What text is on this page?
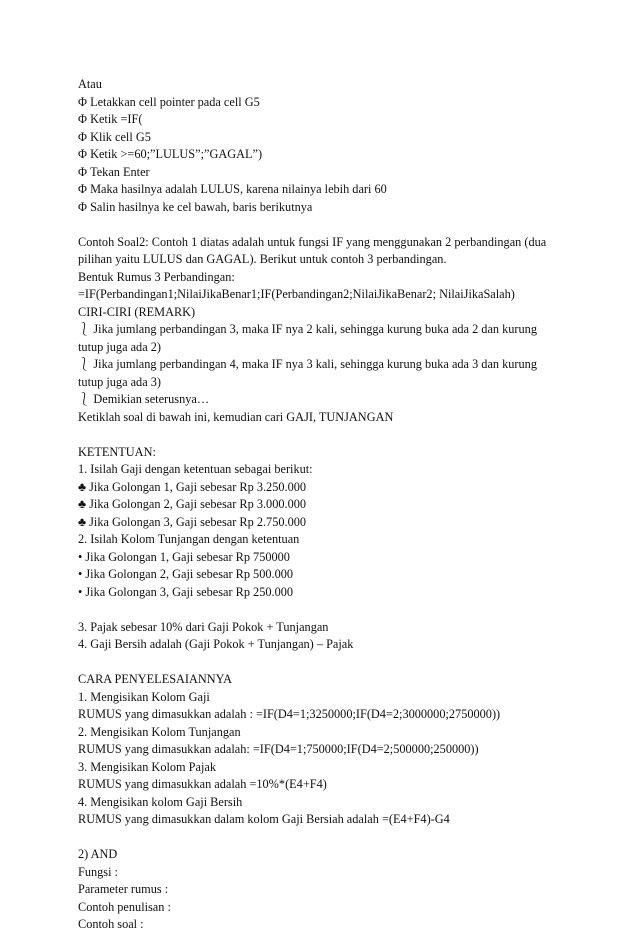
Atau
Φ Letakkan cell pointer pada cell G5
Φ Ketik =IF(
Φ Klik cell G5
Φ Ketik >=60;”LULUS”;”GAGAL”)
Φ Tekan Enter
Φ Maka hasilnya adalah LULUS, karena nilainya lebih dari 60
Φ Salin hasilnya ke cel bawah, baris berikutnya
Contoh Soal2: Contoh 1 diatas adalah untuk fungsi IF yang menggunakan 2 perbandingan (dua pilihan yaitu LULUS dan GAGAL). Berikut untuk contoh 3 perbandingan.
Bentuk Rumus 3 Perbandingan:
=IF(Perbandingan1;NilaiJikaBenar1;IF(Perbandingan2;NilaiJikaBenar2; NilaiJikaSalah)
CIRI-CIRI (REMARK)
⎱ Jika jumlang perbandingan 3, maka IF nya 2 kali, sehingga kurung buka ada 2 dan kurung tutup juga ada 2)
⎱ Jika jumlang perbandingan 4, maka IF nya 3 kali, sehingga kurung buka ada 3 dan kurung tutup juga ada 3)
⎱ Demikian seterusnya…
Ketiklah soal di bawah ini, kemudian cari GAJI, TUNJANGAN
KETENTUAN:
1. Isilah Gaji dengan ketentuan sebagai berikut:
♣ Jika Golongan 1, Gaji sebesar Rp 3.250.000
♣ Jika Golongan 2, Gaji sebesar Rp 3.000.000
♣ Jika Golongan 3, Gaji sebesar Rp 2.750.000
2. Isilah Kolom Tunjangan dengan ketentuan
• Jika Golongan 1, Gaji sebesar Rp 750000
• Jika Golongan 2, Gaji sebesar Rp 500.000
• Jika Golongan 3, Gaji sebesar Rp 250.000
3. Pajak sebesar 10% dari Gaji Pokok + Tunjangan
4. Gaji Bersih adalah (Gaji Pokok + Tunjangan) – Pajak
CARA PENYELESAIANNYA
1. Mengisikan Kolom Gaji
RUMUS yang dimasukkan adalah : =IF(D4=1;3250000;IF(D4=2;3000000;2750000))
2. Mengisikan Kolom Tunjangan
RUMUS yang dimasukkan adalah: =IF(D4=1;750000;IF(D4=2;500000;250000))
3. Mengisikan Kolom Pajak
RUMUS yang dimasukkan adalah =10%*(E4+F4)
4. Mengisikan kolom Gaji Bersih
RUMUS yang dimasukkan dalam kolom Gaji Bersiah adalah =(E4+F4)-G4
2) AND
Fungsi :
Parameter rumus :
Contoh penulisan :
Contoh soal :
